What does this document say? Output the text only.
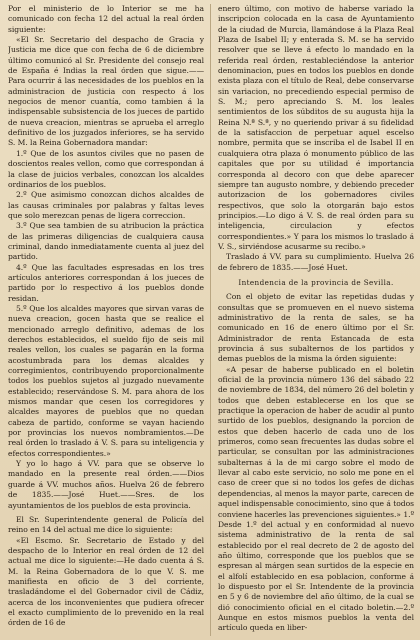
Por el ministerio de lo Interior se me ha comunicado con fecha 12 del actual la real órden siguiente:

«El Sr. Secretario del despacho de Gracia y Justicia me dice que con fecha de 6 de diciembre último comunicó al Sr. Presidente del consejo real de España é Indias la real órden que sigue.—— Para ocurrir á las necesidades de los pueblos en la administracion de justicia con respecto á los negocios de menor cuantía, como tambien á la indispensable subsistencia de los jueces de partido de nueva creacion, mientras se aprueba el arreglo definitivo de los juzgados inferiores, se ha servido S. M. la Reina Gobernadora mandar:

1.º Que de los asuntos civiles que no pasen de doscientos reales vellon, como que correspondan á la clase de juicios verbales, conozcan los alcaldes ordinarios de los pueblos.

2.º Que asimismo conozcan dichos alcaldes de las causas criminales por palabras y faltas leves que solo merezcan penas de ligera correccion.

3.º Que sea tambien de su atribucion la práctica de las primeras diligencias de cualquiera causa criminal, dando inmediatamente cuenta al juez del partido.

4.º Que las facultades espresadas en los tres artículos anteriores correspondan á los jueces de partido por lo respectivo á los pueblos donde residan.

5.º Que los alcaldes mayores que sirvan varas de nueva creacion, gocen hasta que se realice el mencionado arreglo definitivo, ademas de los derechos establecidos, el sueldo fijo de seis mil reales vellon, los cuales se pagarán en la forma acostumbrada para los demas alcaldes y corregimientos, contribuyendo proporcionalmente todos los pueblos sujetos al juzgado nuevamente establecido; reservándose S. M. para ahora de los mismos mandar que cesen los corregidores y alcaldes mayores de pueblos que no quedan cabeza de partido, conforme se vayan haciendo por provincias los nuevos nombramientos.—De real órden lo traslado á V. S. para su inteligencia y efectos correspondientes.»

Y yo lo hago á VV. para que se observe lo mandado en la presente real órden.——Dios guarde á VV. muchos años. Huelva 26 de febrero de 1835.——José Huet.——Sres. de los ayuntamientos de los pueblos de esta provincia.

El Sr. Superintendente general de Policía del reino en 14 del actual me dice lo siguiente:

«El Escmo. Sr. Secretario de Estado y del despacho de lo Interior en real órden de 12 del actual me dice lo siguiente:—He dado cuenta á S. M. la Reina Gobernadora de lo que V. S. me manifiesta en oficio de 3 del corriente, trasladándome el del Gobernador civil de Cádiz, acerca de los inconvenientes que pudiera ofrecer el exacto cumplimiento de lo prevenido en la real órden de 16 de

enero último, con motivo de haberse variado la inscripcion colocada en la casa de Ayuntamiento de la ciudad de Murcia, llamándose á la Plaza Real Plaza de Isabel II; y enterada S. M. se ha servido resolver que se lleve á efecto lo mandado en la referida real órden, restableciéndose la anterior denominacion, pues en todos los pueblos en donde exista plaza con el título de Real, debe conservarse sin variacion, no precediendo especial permiso de S. M.; pero apreciando S. M. los leales sentimientos de los súbditos de su augusta hija la Reina N.ª S.ª, y no queriendo privar á su fidelidad de la satisfaccion de perpetuar aquel escelso nombre, permita que se inscriba el de Isabel II en cualquiera otra plaza ó monumento público de las capitales que por su utilidad é importancia corresponda al decoro con que debe aparecer siempre tan augusto nombre, y debiendo preceder autorizacion de los gobernadores civiles respectivos, que solo la otorgarán bajo estos principios.—Lo digo á V. S. de real órden para su inteligencia, circulacion y efectos correspondientes.» Y para los mismos lo traslado á V. S., sirviéndose acusarme su recibo.»

Traslado á VV. para su cumplimiento. Huelva 26 de febrero de 1835.——José Huet.

Intendencia de la provincia de Sevilla.

Con el objeto de evitar las repetidas dudas y consultas que se promueven en el nuevo sistema administrativo de la renta de sales, se ha comunicado en 16 de enero último por el Sr. Administrador de renta Estancada de esta provincia á sus subalternos de los partidos y demas pueblos de la misma la órden siguiente:

«A pesar de haberse publicado en el boletin oficial de la provincia número 136 del sábado 22 de noviembre de 1834, del número 26 del boletin y todos que deben establecerse en los que se practique la operacion de haber de acudir al punto surtido de los pueblos, designando la porcion de estos que deben hacerlo de cada uno de los primeros, como sean frecuentes las dudas sobre el particular, se consultan por las administraciones subalternas á la de mi cargo sobre el modo de llevar al cabo este servicio, no solo me pone en el caso de creer que si no todos los gefes de dichas dependencias, al menos la mayor parte, carecen de aquel indispensable conocimiento, sino que á todos conviene hacerles las prevenciones siguientes.» 1.º Desde 1.º del actual y en conformidad al nuevo sistema administrativo de la renta de sal establecido por el real decreto de 2 de agosto del año último, corresponde que los pueblos que se espresan al márgen sean surtidos de la especie en el alfolí establecido en esa poblacion, conforme á lo dispuesto por el Sr. Intendente de la provincia en 5 y 6 de noviembre del año último, de la cual se dió conocimiento oficial en el citado boletin.—2.º Aunque en estos mismos pueblos la venta del artículo queda en liber-
